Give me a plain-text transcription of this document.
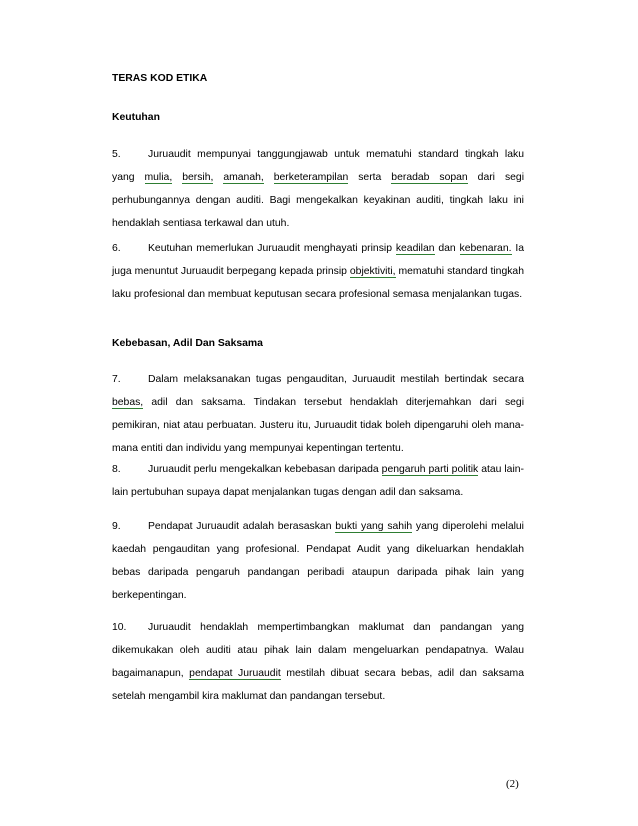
TERAS KOD ETIKA
Keutuhan

5.	Juruaudit mempunyai tanggungjawab untuk mematuhi standard tingkah laku yang mulia, bersih, amanah, berketerampilan serta beradab sopan dari segi perhubungannya dengan auditi. Bagi mengekalkan keyakinan auditi, tingkah laku ini hendaklah sentiasa terkawal dan utuh.

6.	Keutuhan memerlukan Juruaudit menghayati prinsip keadilan dan kebenaran. Ia juga menuntut Juruaudit berpegang kepada prinsip objektiviti, mematuhi standard tingkah laku profesional dan membuat keputusan secara profesional semasa menjalankan tugas.

Kebebasan, Adil Dan Saksama

7.	Dalam melaksanakan tugas pengauditan, Juruaudit mestilah bertindak secara bebas, adil dan saksama. Tindakan tersebut hendaklah diterjemahkan dari segi pemikiran, niat atau perbuatan. Justeru itu, Juruaudit tidak boleh dipengaruhi oleh mana-mana entiti dan individu yang mempunyai kepentingan tertentu.

8.	Juruaudit perlu mengekalkan kebebasan daripada pengaruh parti politik atau lain-lain pertubuhan supaya dapat menjalankan tugas dengan adil dan saksama.

9.	Pendapat Juruaudit adalah berasaskan bukti yang sahih yang diperolehi melalui kaedah pengauditan yang profesional. Pendapat Audit yang dikeluarkan hendaklah bebas daripada pengaruh pandangan peribadi ataupun daripada pihak lain yang berkepentingan.

10. Juruaudit hendaklah mempertimbangkan maklumat dan pandangan yang dikemukakan oleh auditi atau pihak lain dalam mengeluarkan pendapatnya. Walau bagaimanapun, pendapat Juruaudit mestilah dibuat secara bebas, adil dan saksama setelah mengambil kira maklumat dan pandangan tersebut.

(2)
